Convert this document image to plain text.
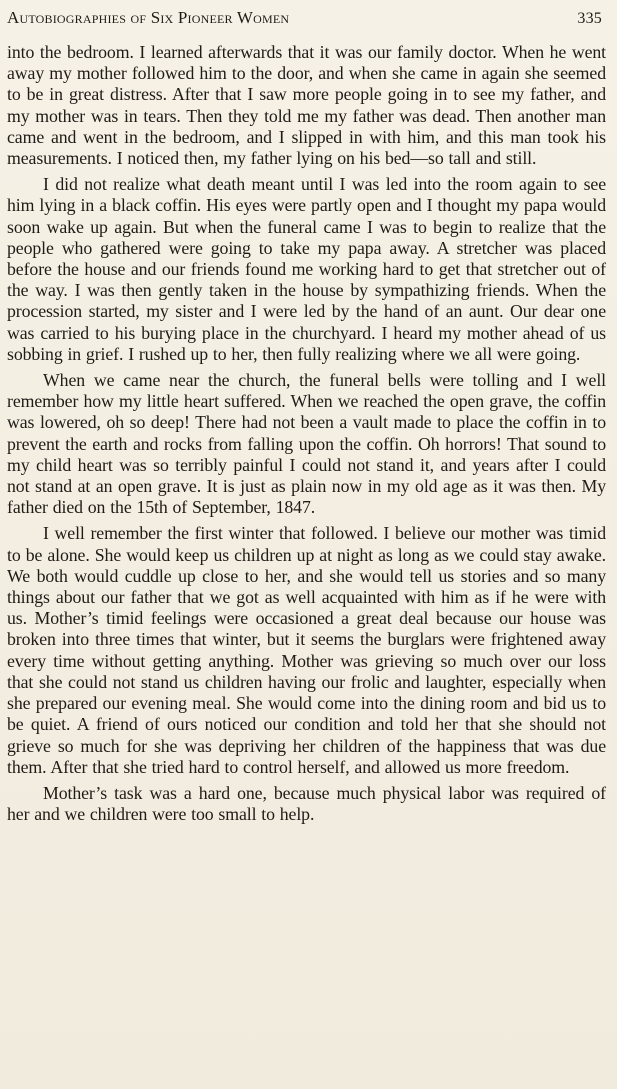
Autobiographies of Six Pioneer Women	335

into the bedroom. I learned afterwards that it was our family doctor. When he went away my mother followed him to the door, and when she came in again she seemed to be in great distress. After that I saw more people going in to see my father, and my mother was in tears. Then they told me my father was dead. Then another man came and went in the bedroom, and I slipped in with him, and this man took his measurements. I noticed then, my father lying on his bed—so tall and still.

I did not realize what death meant until I was led into the room again to see him lying in a black coffin. His eyes were partly open and I thought my papa would soon wake up again. But when the funeral came I was to begin to realize that the people who gathered were going to take my papa away. A stretcher was placed before the house and our friends found me working hard to get that stretcher out of the way. I was then gently taken in the house by sympathizing friends. When the procession started, my sister and I were led by the hand of an aunt. Our dear one was carried to his burying place in the churchyard. I heard my mother ahead of us sobbing in grief. I rushed up to her, then fully realizing where we all were going.

When we came near the church, the funeral bells were tolling and I well remember how my little heart suffered. When we reached the open grave, the coffin was lowered, oh so deep! There had not been a vault made to place the coffin in to prevent the earth and rocks from falling upon the coffin. Oh horrors! That sound to my child heart was so terribly painful I could not stand it, and years after I could not stand at an open grave. It is just as plain now in my old age as it was then. My father died on the 15th of September, 1847.

I well remember the first winter that followed. I believe our mother was timid to be alone. She would keep us children up at night as long as we could stay awake. We both would cuddle up close to her, and she would tell us stories and so many things about our father that we got as well acquainted with him as if he were with us. Mother’s timid feelings were occasioned a great deal because our house was broken into three times that winter, but it seems the burglars were frightened away every time without getting anything. Mother was grieving so much over our loss that she could not stand us children having our frolic and laughter, especially when she prepared our evening meal. She would come into the dining room and bid us to be quiet. A friend of ours noticed our condition and told her that she should not grieve so much for she was depriving her children of the happiness that was due them. After that she tried hard to control herself, and allowed us more freedom.

Mother’s task was a hard one, because much physical labor was required of her and we children were too small to help.
